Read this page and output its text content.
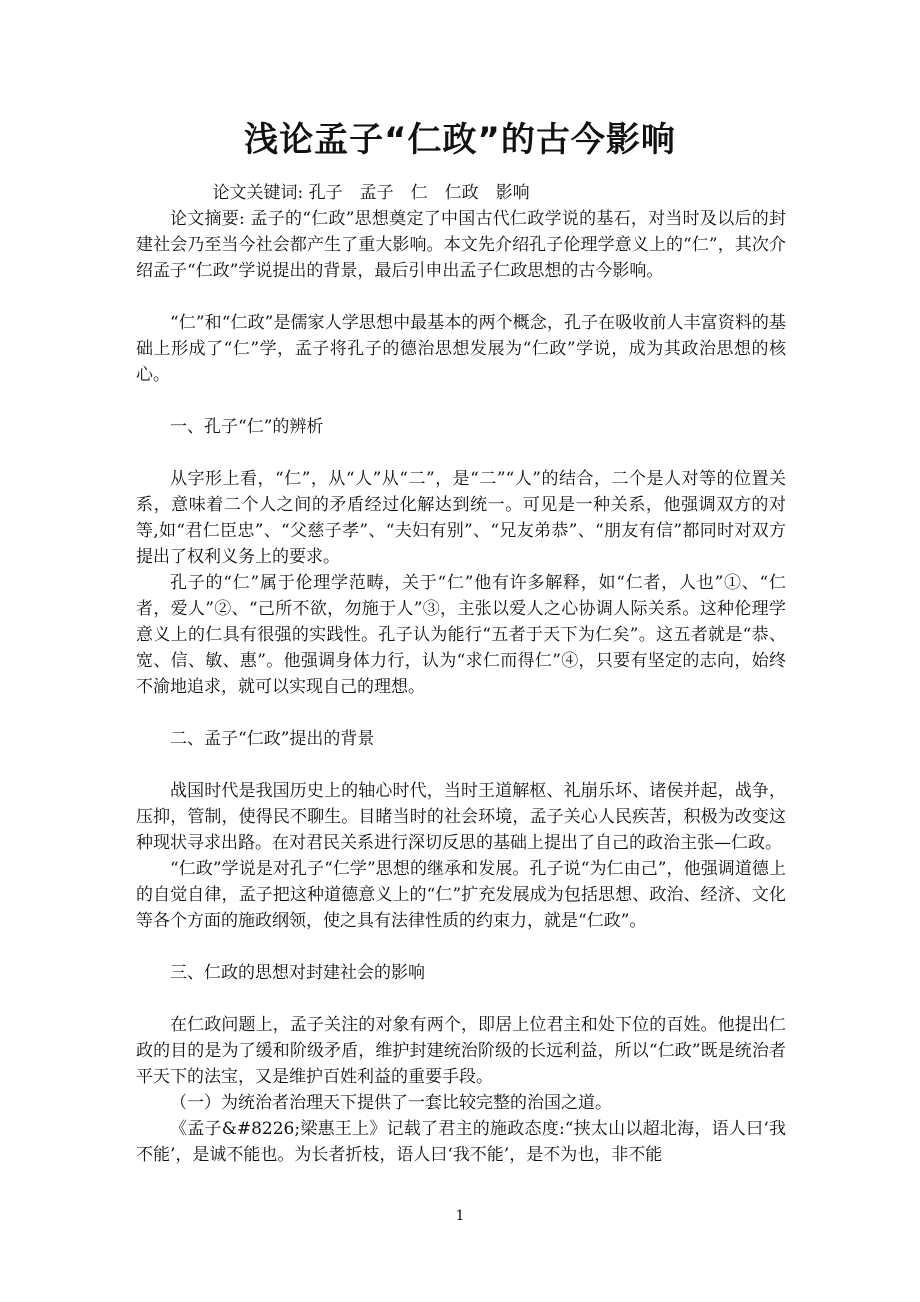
浅论孟子“仁政”的古今影响

论文关键词: 孔子　孟子　仁　仁政　影响

论文摘要: 孟子的“仁政”思想奠定了中国古代仁政学说的基石，对当时及以后的封建社会乃至当今社会都产生了重大影响。本文先介绍孔子伦理学意义上的“仁”，其次介绍孟子“仁政”学说提出的背景，最后引申出孟子仁政思想的古今影响。

“仁”和“仁政”是儒家人学思想中最基本的两个概念，孔子在吸收前人丰富资料的基础上形成了“仁”学，孟子将孔子的德治思想发展为“仁政”学说，成为其政治思想的核心。

一、孔子“仁”的辨析

从字形上看，“仁”，从“人”从“二”，是“二”“人”的结合，二个是人对等的位置关系，意味着二个人之间的矛盾经过化解达到统一。可见是一种关系，他强调双方的对等,如“君仁臣忠”、“父慈子孝”、“夫妇有别”、“兄友弟恭”、“朋友有信”都同时对双方提出了权利义务上的要求。

孔子的“仁”属于伦理学范畴，关于“仁”他有许多解释，如“仁者，人也”①、“仁者，爱人”②、“己所不欲，勿施于人”③，主张以爱人之心协调人际关系。这种伦理学意义上的仁具有很强的实践性。孔子认为能行“五者于天下为仁矣”。这五者就是“恭、宽、信、敏、惠”。他强调身体力行，认为“求仁而得仁”④，只要有坚定的志向，始终不渝地追求，就可以实现自己的理想。

二、孟子“仁政”提出的背景

战国时代是我国历史上的轴心时代，当时王道解枢、礼崩乐坏、诸侯并起，战争，压抑，管制，使得民不聊生。目睹当时的社会环境，孟子关心人民疾苦，积极为改变这种现状寻求出路。在对君民关系进行深切反思的基础上提出了自己的政治主张—仁政。

“仁政”学说是对孔子“仁学”思想的继承和发展。孔子说“为仁由己”，他强调道德上的自觉自律，孟子把这种道德意义上的“仁”扩充发展成为包括思想、政治、经济、文化等各个方面的施政纲领，使之具有法律性质的约束力，就是“仁政”。

三、仁政的思想对封建社会的影响

在仁政问题上，孟子关注的对象有两个，即居上位君主和处下位的百姓。他提出仁政的目的是为了缓和阶级矛盾，维护封建统治阶级的长远利益，所以“仁政”既是统治者平天下的法宝，又是维护百姓利益的重要手段。

（一）为统治者治理天下提供了一套比较完整的治国之道。

《孟子&#8226;梁惠王上》记载了君主的施政态度:“挟太山以超北海，语人曰‘我不能’，是诚不能也。为长者折枝，语人曰‘我不能’，是不为也，非不能

1
